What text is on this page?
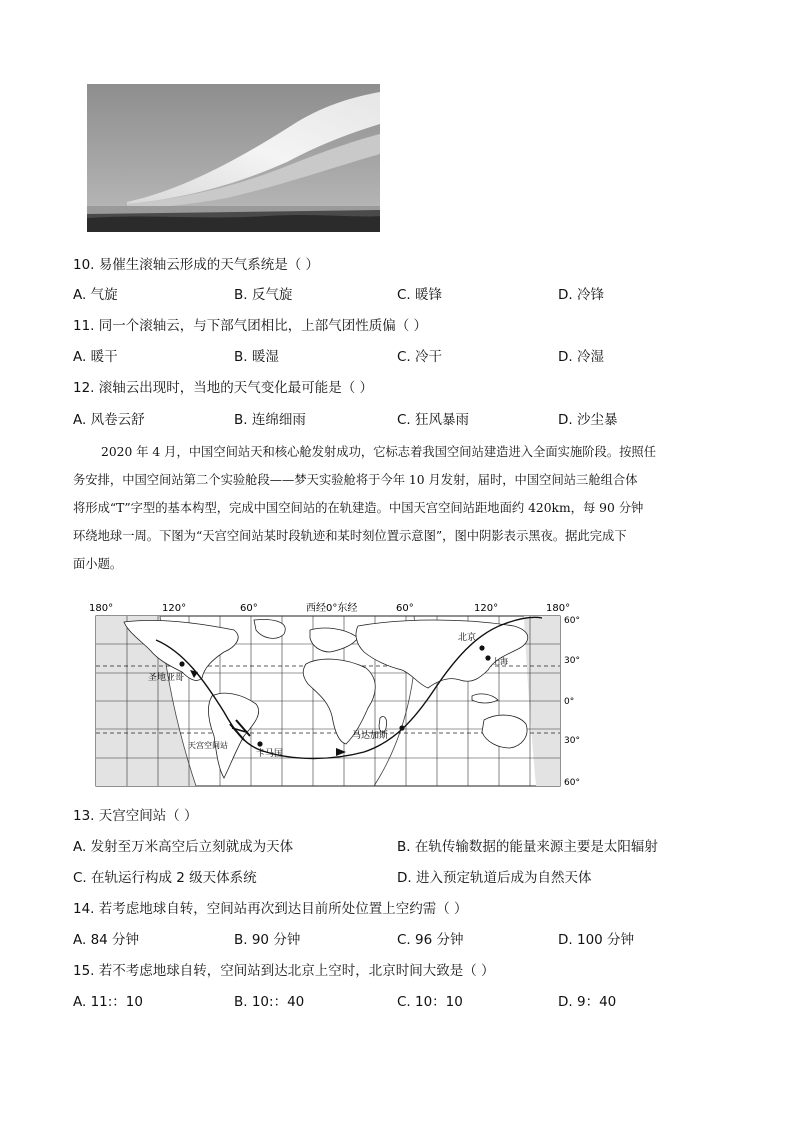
10. 易催生滚轴云形成的天气系统是（ ）
A. 气旋	B. 反气旋	C. 暖锋	D. 冷锋
11. 同一个滚轴云，与下部气团相比，上部气团性质偏（ ）
A. 暖干	B. 暖湿	C. 冷干	D. 冷湿
12. 滚轴云出现时，当地的天气变化最可能是（ ）
A. 风卷云舒	B. 连绵细雨	C. 狂风暴雨	D. 沙尘暴

2020 年 4 月，中国空间站天和核心舱发射成功，它标志着我国空间站建造进入全面实施阶段。按照任

务安排，中国空间站第二个实验舱段——梦天实验舱将于今年 10 月发射，届时，中国空间站三舱组合体

将形成“T”字型的基本构型，完成中国空间站的在轨建造。中国天宫空间站距地面约 420km，每 90 分钟

环绕地球一周。下图为“天宫空间站某时段轨迹和某时刻位置示意图”，图中阴影表示黑夜。据此完成下

面小题。

180°	120°	60°	西经0°东经	60°	120°	180°
圣地亚哥
天宫空间站
卡马国
马达加斯
北京
上海
60°
30°
0°
30°
60°
13. 天宫空间站（ ）
A. 发射至万米高空后立刻就成为天体	B. 在轨传输数据的能量来源主要是太阳辐射
C. 在轨运行构成 2 级天体系统	D. 进入预定轨道后成为自然天体
14. 若考虑地球自转，空间站再次到达目前所处位置上空约需（ ）
A. 84 分钟	B. 90 分钟	C. 96 分钟	D. 100 分钟
15. 若不考虑地球自转，空间站到达北京上空时，北京时间大致是（ ）
A. 11:：10	B. 10:：40	C. 10：10	D. 9：40
